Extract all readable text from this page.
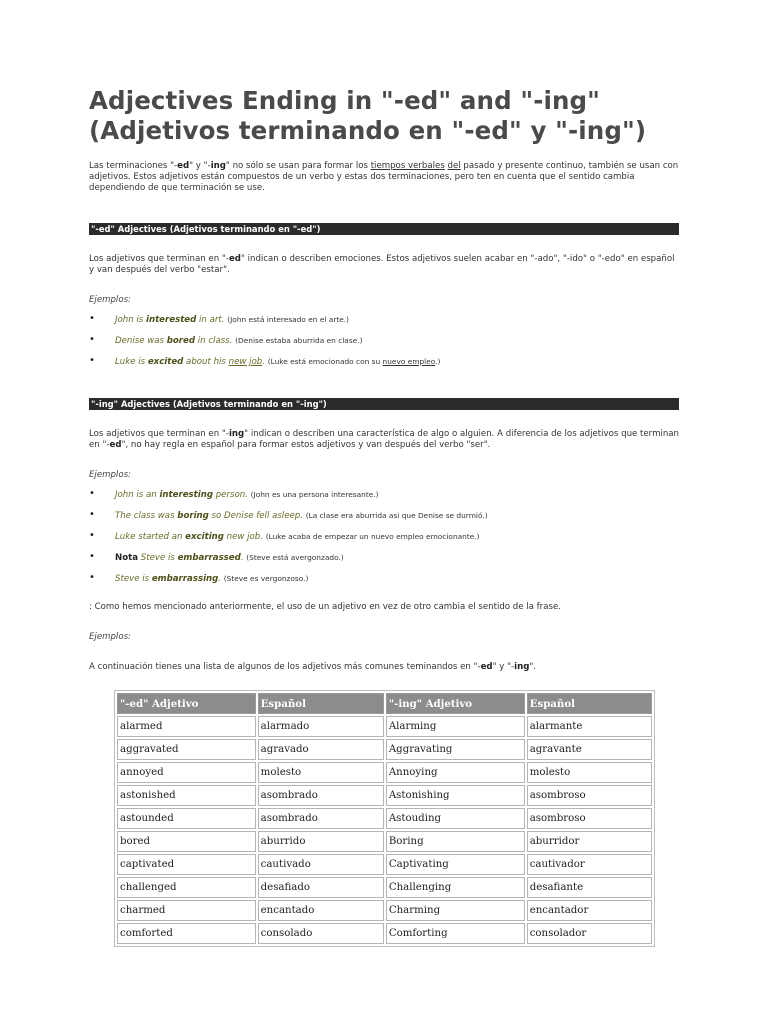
Adjectives Ending in "-ed" and "-ing"
(Adjetivos terminando en "-ed" y "-ing")
Las terminaciones "-ed" y "-ing" no sólo se usan para formar los tiempos verbales del pasado y presente continuo, también se usan con adjetivos. Estos adjetivos están compuestos de un verbo y estas dos terminaciones, pero ten en cuenta que el sentido cambia dependiendo de que terminación se use.
"-ed" Adjectives (Adjetivos terminando en "-ed")
Los adjetivos que terminan en "-ed" indican o describen emociones. Estos adjetivos suelen acabar en "-ado", "-ido" o "-edo" en español y van después del verbo "estar".
Ejemplos:
• John is interested in art. (John está interesado en el arte.)
• Denise was bored in class. (Denise estaba aburrida en clase.)
• Luke is excited about his new job. (Luke está emocionado con su nuevo empleo.)
"-ing" Adjectives (Adjetivos terminando en "-ing")
Los adjetivos que terminan en "-ing" indican o describen una característica de algo o alguien. A diferencia de los adjetivos que terminan en "-ed", no hay regla en español para formar estos adjetivos y van después del verbo "ser".
Ejemplos:
• John is an interesting person. (John es una persona interesante.)
• The class was boring so Denise fell asleep. (La clase era aburrida asi que Denise se durmió.)
• Luke started an exciting new job. (Luke acaba de empezar un nuevo empleo emocionante.)
• Nota Steve is embarrassed. (Steve está avergonzado.)
• Steve is embarrassing. (Steve es vergonzoso.)
: Como hemos mencionado anteriormente, el uso de un adjetivo en vez de otro cambia el sentido de la frase.
Ejemplos:
A continuación tienes una lista de algunos de los adjetivos más comunes teminandos en "-ed" y "-ing".
"-ed" Adjetivo	Español	"-ing" Adjetivo	Español
alarmed	alarmado	Alarming	alarmante
aggravated	agravado	Aggravating	agravante
annoyed	molesto	Annoying	molesto
astonished	asombrado	Astonishing	asombroso
astounded	asombrado	Astouding	asombroso
bored	aburrido	Boring	aburridor
captivated	cautivado	Captivating	cautivador
challenged	desafiado	Challenging	desafiante
charmed	encantado	Charming	encantador
comforted	consolado	Comforting	consolador
